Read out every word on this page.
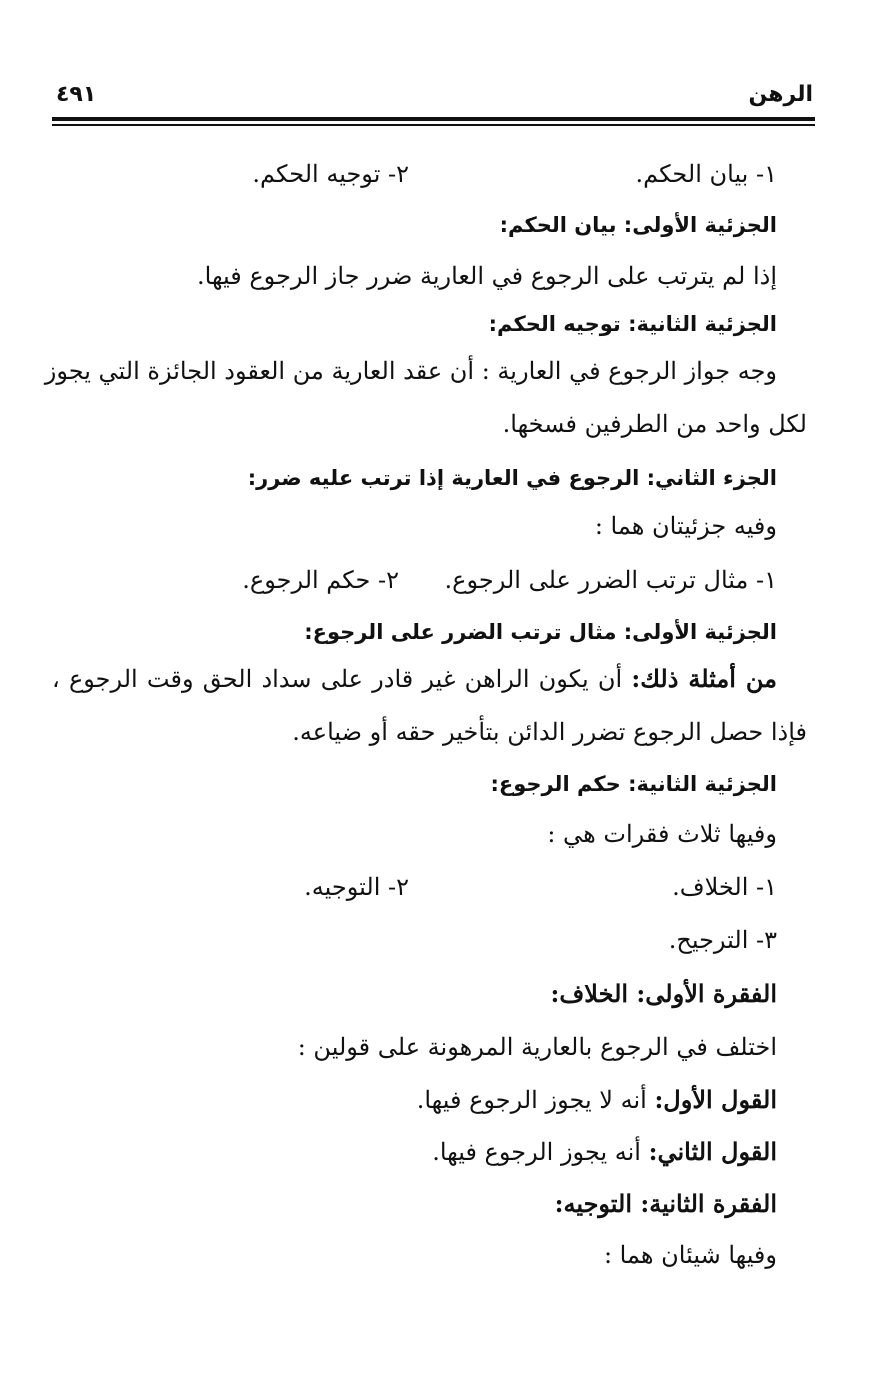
الرهن
٤٩١
١- بيان الحكم.
٢- توجيه الحكم.
الجزئية الأولى: بيان الحكم:
إذا لم يترتب على الرجوع في العارية ضرر جاز الرجوع فيها.
الجزئية الثانية: توجيه الحكم:
وجه جواز الرجوع في العارية : أن عقد العارية من العقود الجائزة التي يجوز
لكل واحد من الطرفين فسخها.
الجزء الثاني: الرجوع في العارية إذا ترتب عليه ضرر:
وفيه جزئيتان هما :
١- مثال ترتب الضرر على الرجوع.
٢- حكم الرجوع.
الجزئية الأولى: مثال ترتب الضرر على الرجوع:
من أمثلة ذلك: أن يكون الراهن غير قادر على سداد الحق وقت الرجوع ،
فإذا حصل الرجوع تضرر الدائن بتأخير حقه أو ضياعه.
الجزئية الثانية: حكم الرجوع:
وفيها ثلاث فقرات هي :
١- الخلاف.
٢- التوجيه.
٣- الترجيح.
الفقرة الأولى: الخلاف:
اختلف في الرجوع بالعارية المرهونة على قولين :
القول الأول: أنه لا يجوز الرجوع فيها.
القول الثاني: أنه يجوز الرجوع فيها.
الفقرة الثانية: التوجيه:
وفيها شيئان هما :
